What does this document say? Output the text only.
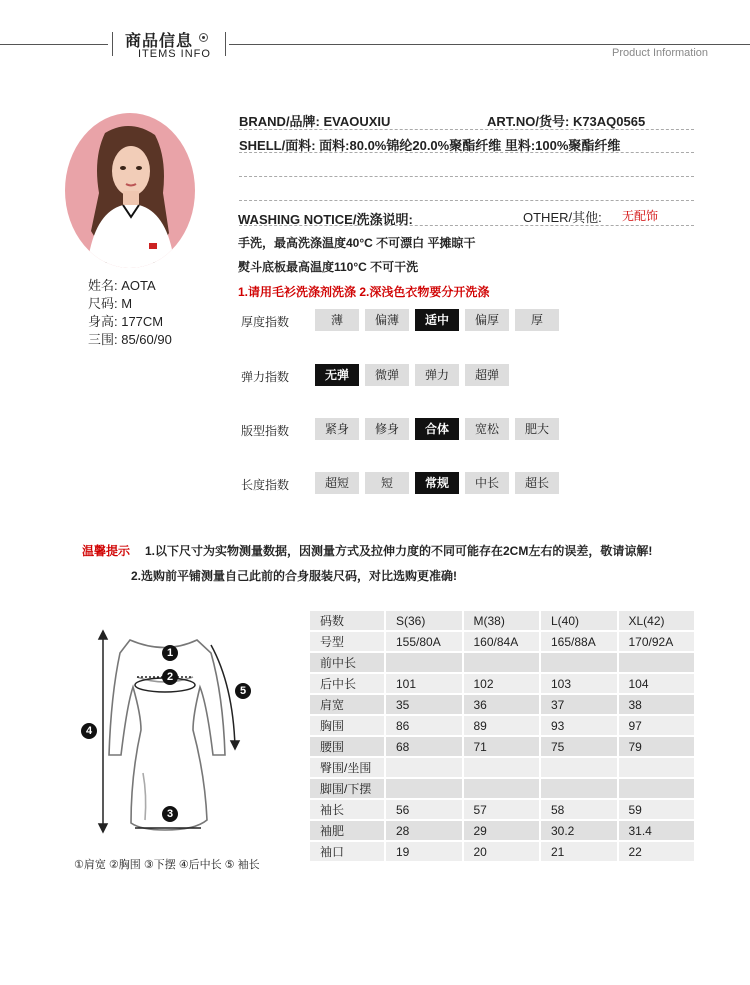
商品信息
ITEMS INFO	Product Information
姓名: AOTA
尺码: M
身高: 177CM
三围: 85/60/90
BRAND/品牌: EVAOUXIU	ART.NO/货号: K73AQ0565
SHELL/面料: 面料:80.0%锦纶20.0%聚酯纤维 里料:100%聚酯纤维
WASHING NOTICE/洗涤说明:	OTHER/其他: 无配饰
手洗，最高洗涤温度40°C 不可漂白 平摊晾干
熨斗底板最高温度110°C 不可干洗
1.请用毛衫洗涤剂洗涤 2.深浅色衣物要分开洗涤
厚度指数	薄	偏薄	适中	偏厚	厚
弹力指数	无弹	微弹	弹力	超弹
版型指数	紧身	修身	合体	宽松	肥大
长度指数	超短	短	常规	中长	超长
温馨提示 1.以下尺寸为实物测量数据，因测量方式及拉伸力度的不同可能存在2CM左右的误差，敬请谅解!
2.选购前平铺测量自己此前的合身服装尺码，对比选购更准确!
1
2
3
4
5
①肩宽 ②胸围 ③下摆 ④后中长 ⑤ 袖长
码数	S(36)	M(38)	L(40)	XL(42)
号型	155/80A	160/84A	165/88A	170/92A
前中长				
后中长	101	102	103	104
肩宽	35	36	37	38
胸围	86	89	93	97
腰围	68	71	75	79
臀围/坐围				
脚围/下摆				
袖长	56	57	58	59
袖肥	28	29	30.2	31.4
袖口	19	20	21	22
